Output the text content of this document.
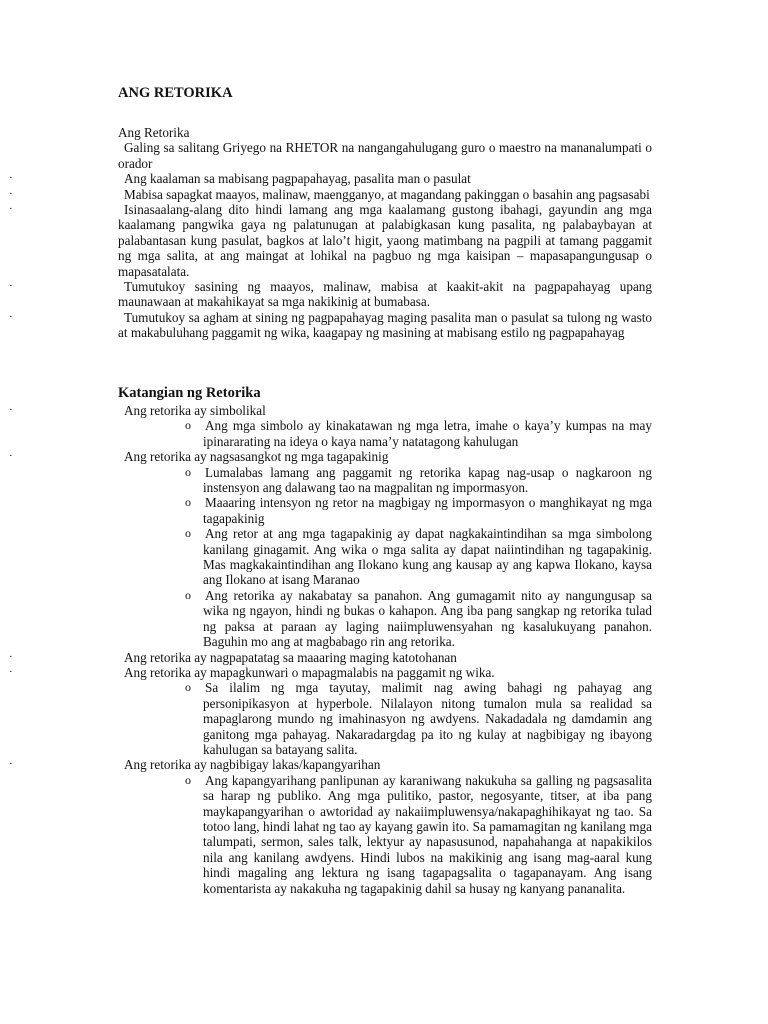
ANG RETORIKA

Ang Retorika

Galing sa salitang Griyego na RHETOR na nangangahulugang guro o maestro na mananalumpati o orador

·	Ang kaalaman sa mabisang pagpapahayag, pasalita man o pasulat

·	Mabisa sapagkat maayos, malinaw, maengganyo, at magandang pakinggan o basahin ang pagsasabi

·	Isinasaalang-alang dito hindi lamang ang mga kaalamang gustong ibahagi, gayundin ang mga kaalamang pangwika gaya ng palatunugan at palabigkasan kung pasalita, ng palabaybayan at palabantasan kung pasulat, bagkos at lalo’t higit, yaong matimbang na pagpili at tamang paggamit ng mga salita, at ang maingat at lohikal na pagbuo ng mga kaisipan – mapasapangungusap o mapasatalata.

·	Tumutukoy sasining ng maayos, malinaw, mabisa at kaakit-akit na pagpapahayag upang maunawaan at makahikayat sa mga nakikinig at bumabasa.

·	Tumutukoy sa agham at sining ng pagpapahayag maging pasalita man o pasulat sa tulong ng wasto at makabuluhang paggamit ng wika, kaagapay ng masining at mabisang estilo ng pagpapahayag

Katangian ng Retorika

·	Ang retorika ay simbolikal

o Ang mga simbolo ay kinakatawan ng mga letra, imahe o kaya’y kumpas na may ipinararating na ideya o kaya nama’y natatagong kahulugan

·	Ang retorika ay nagsasangkot ng mga tagapakinig

o Lumalabas lamang ang paggamit ng retorika kapag nag-usap o nagkaroon ng instensyon ang dalawang tao na magpalitan ng impormasyon.

o Maaaring intensyon ng retor na magbigay ng impormasyon o manghikayat ng mga tagapakinig

o Ang retor at ang mga tagapakinig ay dapat nagkakaintindihan sa mga simbolong kanilang ginagamit. Ang wika o mga salita ay dapat naiintindihan ng tagapakinig. Mas magkakaintindihan ang Ilokano kung ang kausap ay ang kapwa Ilokano, kaysa ang Ilokano at isang Maranao

o Ang retorika ay nakabatay sa panahon. Ang gumagamit nito ay nangungusap sa wika ng ngayon, hindi ng bukas o kahapon. Ang iba pang sangkap ng retorika tulad ng paksa at paraan ay laging naiimpluwensyahan ng kasalukuyang panahon. Baguhin mo ang at magbabago rin ang retorika.

·	Ang retorika ay nagpapatatag sa maaaring maging katotohanan

·	Ang retorika ay mapagkunwari o mapagmalabis na paggamit ng wika.

o Sa ilalim ng mga tayutay, malimit nag awing bahagi ng pahayag ang personipikasyon at hyperbole. Nilalayon nitong tumalon mula sa realidad sa mapaglarong mundo ng imahinasyon ng awdyens. Nakadadala ng damdamin ang ganitong mga pahayag. Nakaradargdag pa ito ng kulay at nagbibigay ng ibayong kahulugan sa batayang salita.

·	Ang retorika ay nagbibigay lakas/kapangyarihan

o Ang kapangyarihang panlipunan ay karaniwang nakukuha sa galling ng pagsasalita sa harap ng publiko. Ang mga pulitiko, pastor, negosyante, titser, at iba pang maykapangyarihan o awtoridad ay nakaiimpluwensya/nakapaghihikayat ng tao. Sa totoo lang, hindi lahat ng tao ay kayang gawin ito. Sa pamamagitan ng kanilang mga talumpati, sermon, sales talk, lektyur ay napasusunod, napahahanga at napakikilos nila ang kanilang awdyens. Hindi lubos na makikinig ang isang mag-aaral kung hindi magaling ang lektura ng isang tagapagsalita o tagapanayam. Ang isang komentarista ay nakakuha ng tagapakinig dahil sa husay ng kanyang pananalita.
